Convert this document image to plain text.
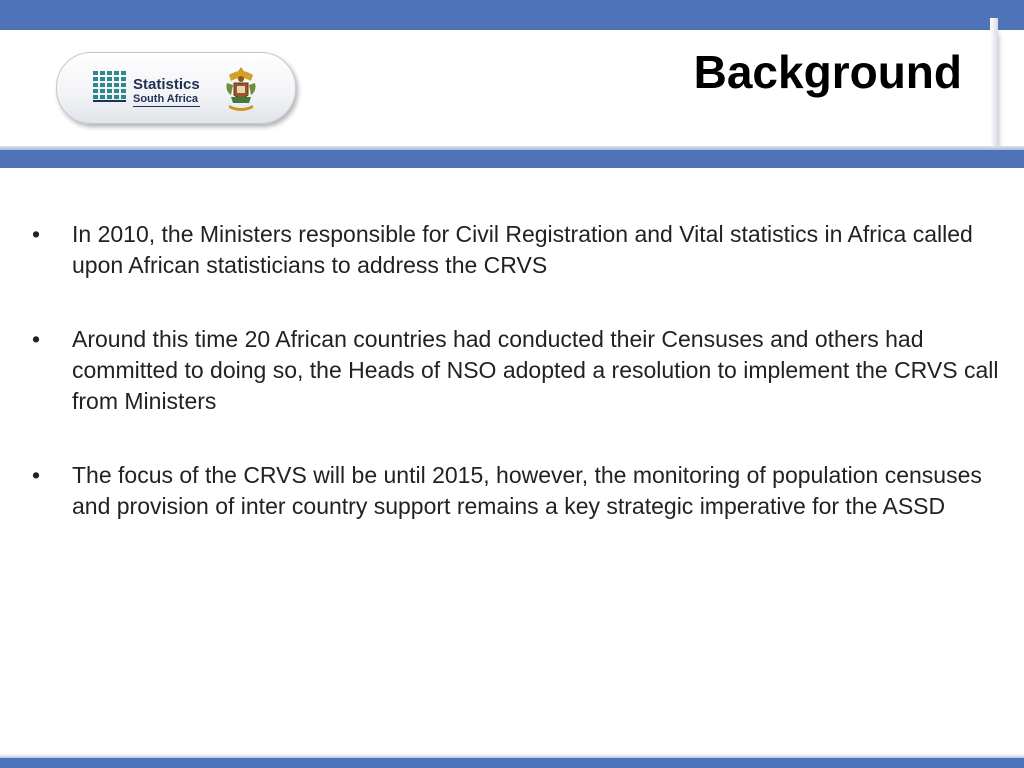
Statistics
South Africa
Background
• In 2010, the Ministers responsible for Civil Registration and Vital statistics in Africa called upon African statisticians to address the CRVS
• Around this time 20 African countries had conducted their Censuses and others had committed to doing so, the Heads of NSO adopted a resolution to implement the CRVS call from Ministers
• The focus of the CRVS will be until 2015, however, the monitoring of population censuses and provision of inter country support remains a key strategic imperative for the ASSD
